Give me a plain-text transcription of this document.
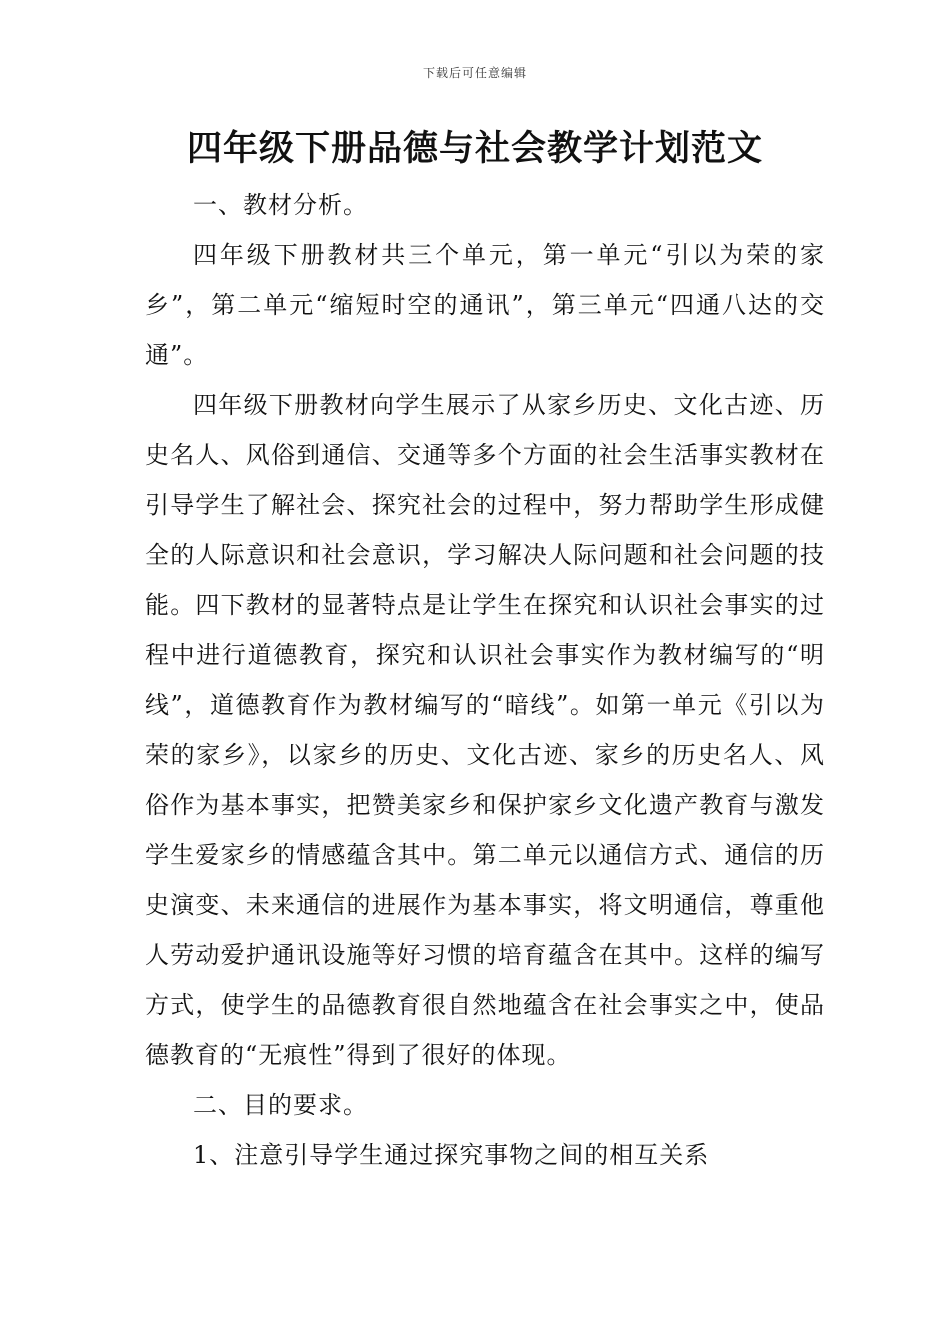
下载后可任意编辑
四年级下册品德与社会教学计划范文

一、教材分析。

四年级下册教材共三个单元，第一单元“引以为荣的家乡”，第二单元“缩短时空的通讯”，第三单元“四通八达的交通”。

四年级下册教材向学生展示了从家乡历史、文化古迹、历史名人、风俗到通信、交通等多个方面的社会生活事实教材在引导学生了解社会、探究社会的过程中，努力帮助学生形成健全的人际意识和社会意识，学习解决人际问题和社会问题的技能。四下教材的显著特点是让学生在探究和认识社会事实的过程中进行道德教育，探究和认识社会事实作为教材编写的“明线”，道德教育作为教材编写的“暗线”。如第一单元《引以为荣的家乡》，以家乡的历史、文化古迹、家乡的历史名人、风俗作为基本事实，把赞美家乡和保护家乡文化遗产教育与激发学生爱家乡的情感蕴含其中。第二单元以通信方式、通信的历史演变、未来通信的进展作为基本事实，将文明通信，尊重他人劳动爱护通讯设施等好习惯的培育蕴含在其中。这样的编写方式，使学生的品德教育很自然地蕴含在社会事实之中，使品德教育的“无痕性”得到了很好的体现。

二、目的要求。

1、注意引导学生通过探究事物之间的相互关系
